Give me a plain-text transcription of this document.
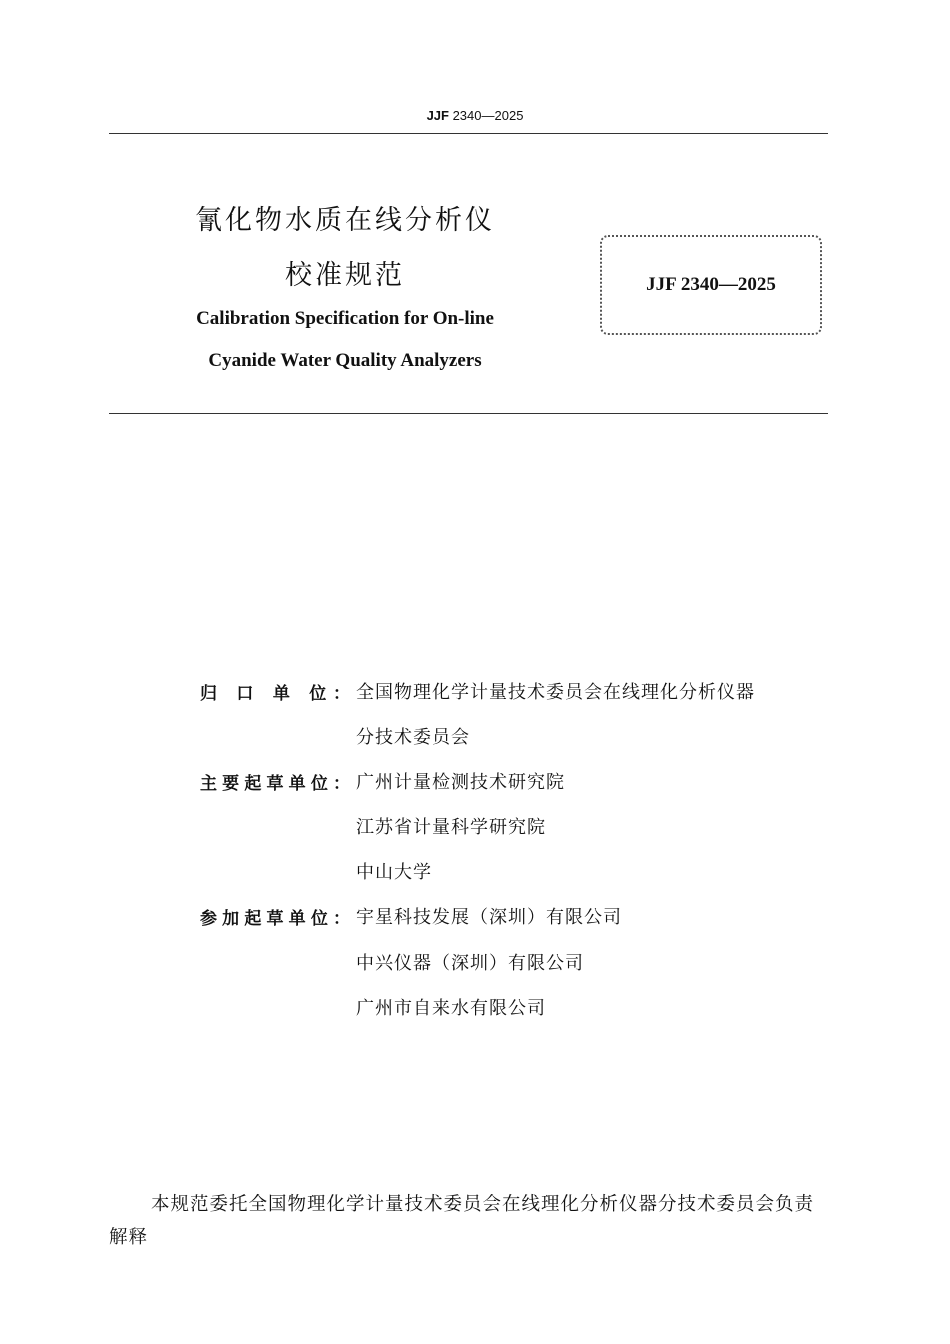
JJF 2340—2025
氰化物水质在线分析仪
校准规范
Calibration Specification for On-line
Cyanide Water Quality Analyzers
JJF 2340—2025
归 口 单 位： 全国物理化学计量技术委员会在线理化分析仪器
分技术委员会
主要起草单位： 广州计量检测技术研究院
江苏省计量科学研究院
中山大学
参加起草单位： 宇星科技发展（深圳）有限公司
中兴仪器（深圳）有限公司
广州市自来水有限公司
本规范委托全国物理化学计量技术委员会在线理化分析仪器分技术委员会负责解释
